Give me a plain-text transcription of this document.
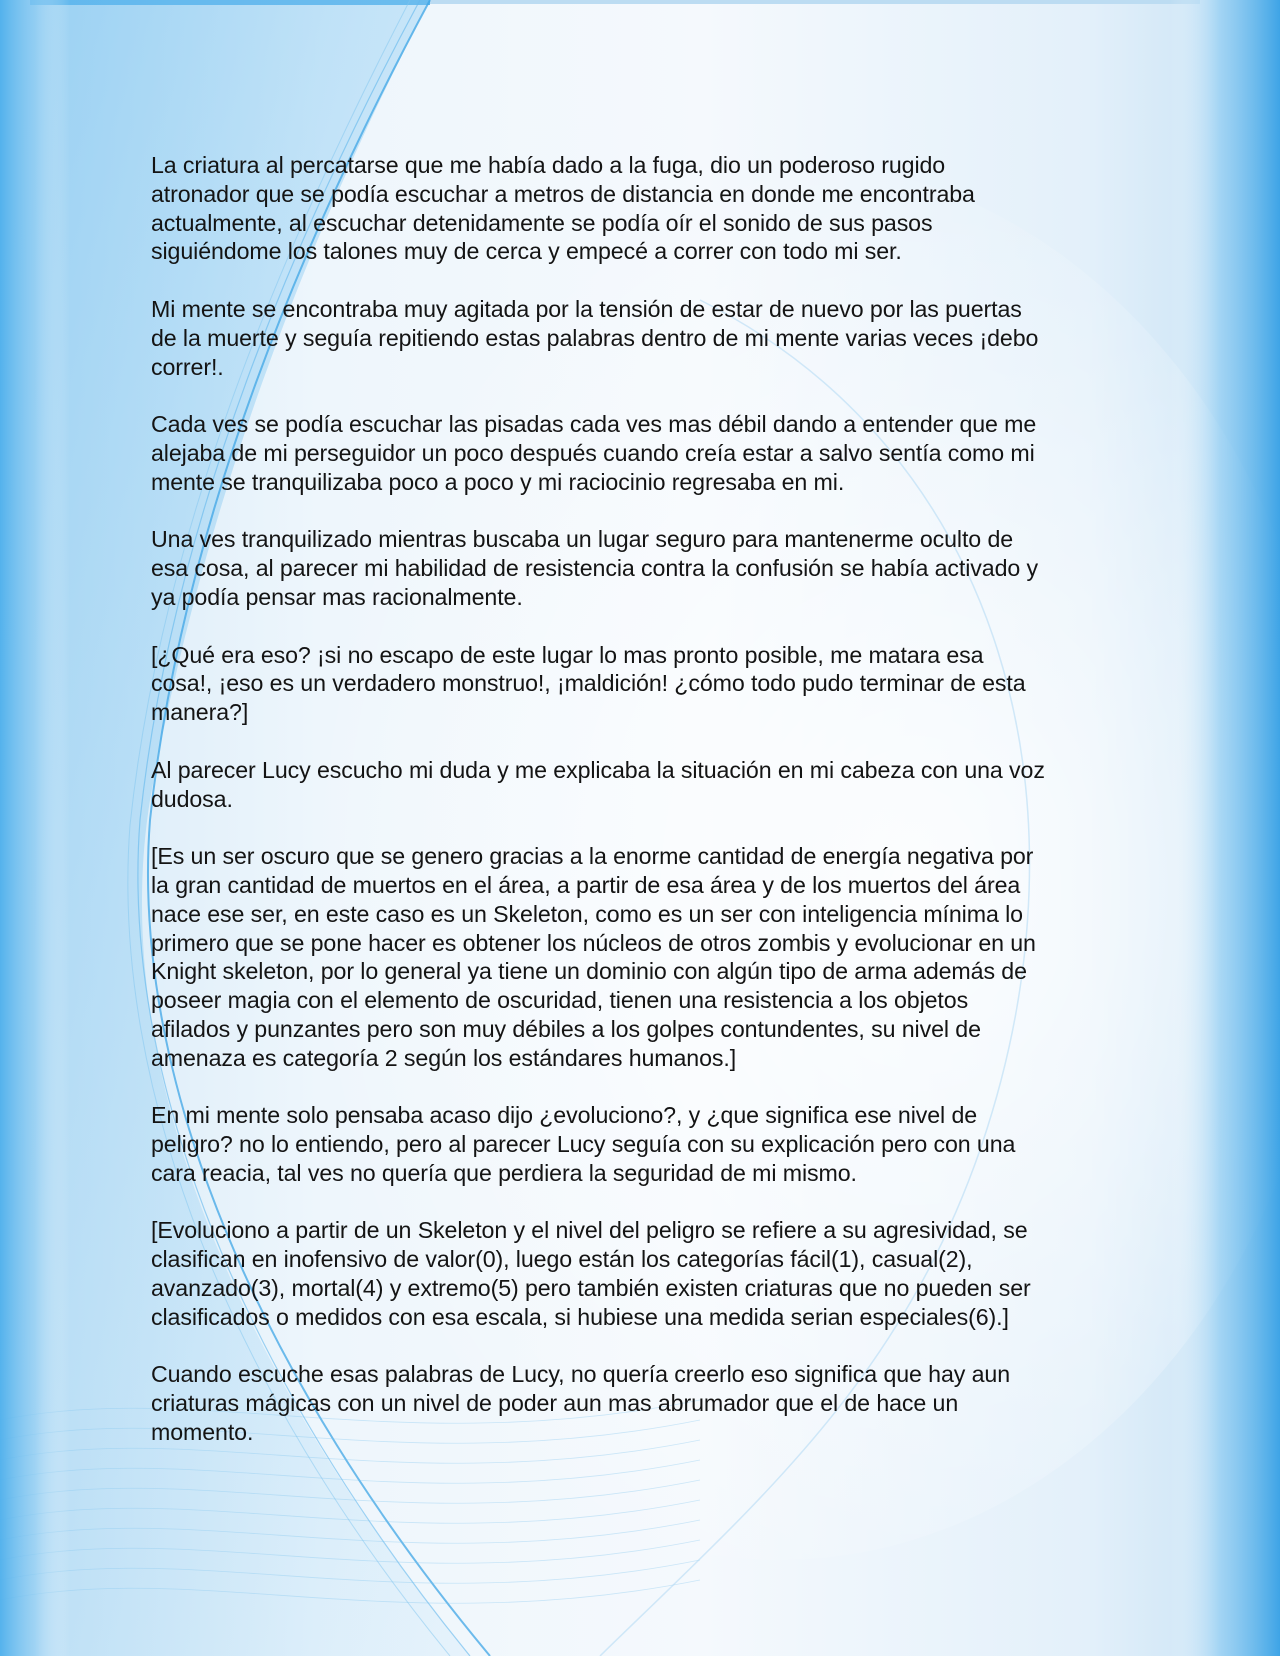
La criatura al percatarse que me había dado a la fuga, dio un poderoso rugido
atronador que se podía escuchar a metros de distancia en donde me encontraba
actualmente, al escuchar detenidamente se podía oír el sonido de sus pasos
siguiéndome los talones muy de cerca y empecé a correr con todo mi ser.

Mi mente se encontraba muy agitada por la tensión de estar de nuevo por las puertas
de la muerte y seguía repitiendo estas palabras dentro de mi mente varias veces ¡debo
correr!.

Cada ves se podía escuchar las pisadas cada ves mas débil dando a entender que me
alejaba de mi perseguidor un poco después cuando creía estar a salvo sentía como mi
mente se tranquilizaba poco a poco y mi raciocinio regresaba en mi.

Una ves tranquilizado mientras buscaba un lugar seguro para mantenerme oculto de
esa cosa, al parecer mi habilidad de resistencia contra la confusión se había activado y
ya podía pensar mas racionalmente.

[¿Qué era eso? ¡si no escapo de este lugar lo mas pronto posible, me matara esa
cosa!, ¡eso es un verdadero monstruo!, ¡maldición! ¿cómo todo pudo terminar de esta
manera?]

Al parecer Lucy escucho mi duda y me explicaba la situación en mi cabeza con una voz
dudosa.

[Es un ser oscuro que se genero gracias a la enorme cantidad de energía negativa por
la gran cantidad de muertos en el área, a partir de esa área y de los muertos del área
nace ese ser, en este caso es un Skeleton, como es un ser con inteligencia mínima lo
primero que se pone hacer es obtener los núcleos de otros zombis y evolucionar en un
Knight skeleton, por lo general ya tiene un dominio con algún tipo de arma además de
poseer magia con el elemento de oscuridad, tienen una resistencia a los objetos
afilados y punzantes pero son muy débiles a los golpes contundentes, su nivel de
amenaza es categoría 2 según los estándares humanos.]

En mi mente solo pensaba acaso dijo ¿evoluciono?, y ¿que significa ese nivel de
peligro? no lo entiendo, pero al parecer Lucy seguía con su explicación pero con una
cara reacia, tal ves no quería que perdiera la seguridad de mi mismo.

[Evoluciono a partir de un Skeleton y el nivel del peligro se refiere a su agresividad, se
clasifican en inofensivo de valor(0), luego están los categorías fácil(1), casual(2),
avanzado(3), mortal(4) y extremo(5) pero también existen criaturas que no pueden ser
clasificados o medidos con esa escala, si hubiese una medida serian especiales(6).]

Cuando escuche esas palabras de Lucy, no quería creerlo eso significa que hay aun
criaturas mágicas con un nivel de poder aun mas abrumador que el de hace un
momento.
